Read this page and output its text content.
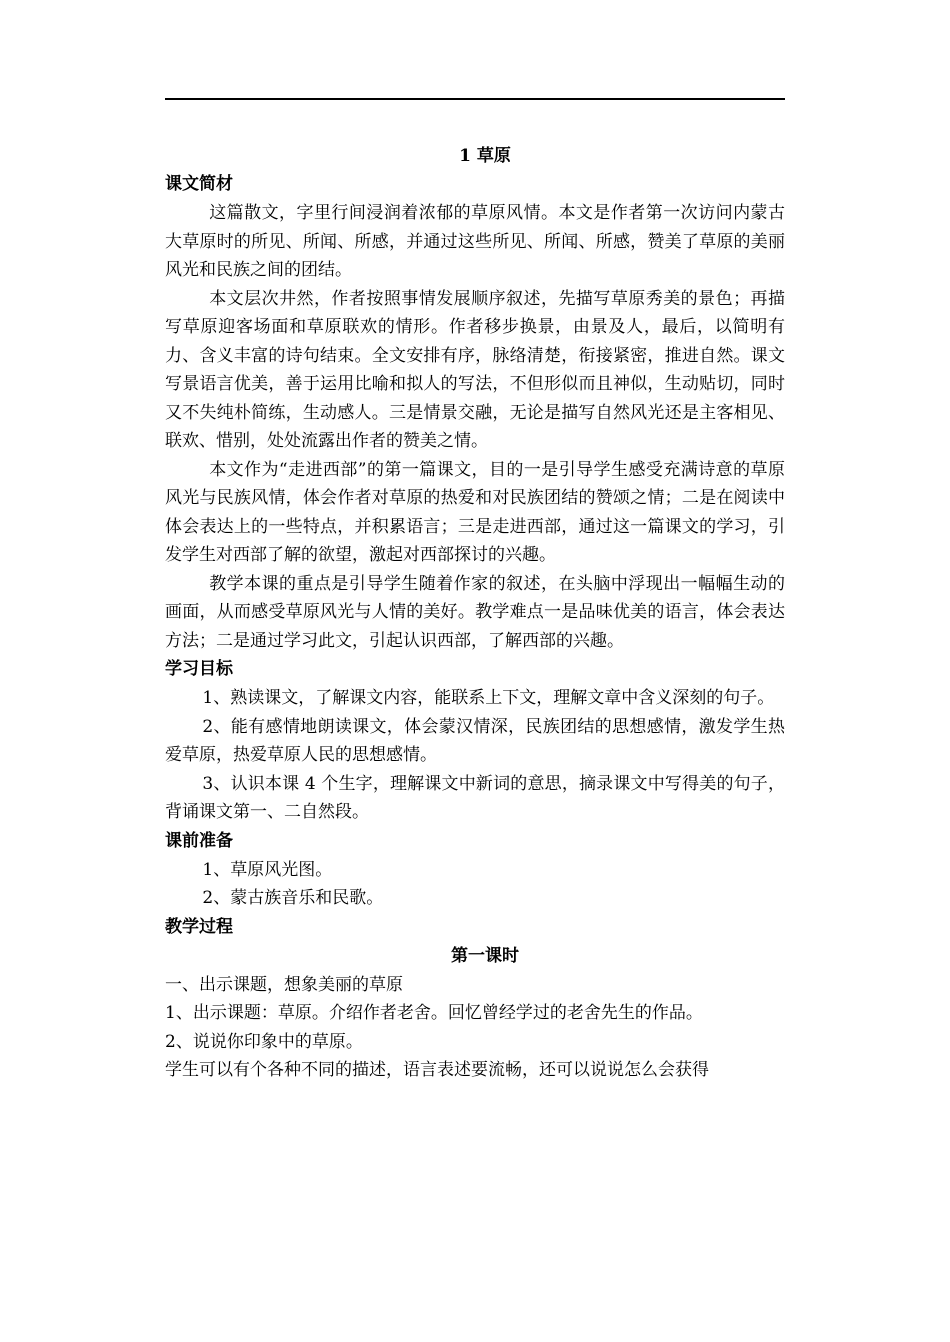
1 草原
课文简材

这篇散文，字里行间浸润着浓郁的草原风情。本文是作者第一次访问内蒙古大草原时的所见、所闻、所感，并通过这些所见、所闻、所感，赞美了草原的美丽风光和民族之间的团结。

本文层次井然，作者按照事情发展顺序叙述，先描写草原秀美的景色；再描写草原迎客场面和草原联欢的情形。作者移步换景，由景及人，最后，以简明有力、含义丰富的诗句结束。全文安排有序，脉络清楚，衔接紧密，推进自然。课文写景语言优美，善于运用比喻和拟人的写法，不但形似而且神似，生动贴切，同时又不失纯朴简练，生动感人。三是情景交融，无论是描写自然风光还是主客相见、联欢、惜别，处处流露出作者的赞美之情。

本文作为“走进西部”的第一篇课文，目的一是引导学生感受充满诗意的草原风光与民族风情，体会作者对草原的热爱和对民族团结的赞颂之情；二是在阅读中体会表达上的一些特点，并积累语言；三是走进西部，通过这一篇课文的学习，引发学生对西部了解的欲望，激起对西部探讨的兴趣。

教学本课的重点是引导学生随着作家的叙述，在头脑中浮现出一幅幅生动的画面，从而感受草原风光与人情的美好。教学难点一是品味优美的语言，体会表达方法；二是通过学习此文，引起认识西部，了解西部的兴趣。

学习目标

1、熟读课文，了解课文内容，能联系上下文，理解文章中含义深刻的句子。

2、能有感情地朗读课文，体会蒙汉情深，民族团结的思想感情，激发学生热爱草原，热爱草原人民的思想感情。

3、认识本课 4 个生字，理解课文中新词的意思，摘录课文中写得美的句子，背诵课文第一、二自然段。

课前准备

1、草原风光图。

2、蒙古族音乐和民歌。

教学过程
第一课时

一、出示课题，想象美丽的草原

1、出示课题：草原。介绍作者老舍。回忆曾经学过的老舍先生的作品。

2、说说你印象中的草原。

学生可以有个各种不同的描述，语言表述要流畅，还可以说说怎么会获得
